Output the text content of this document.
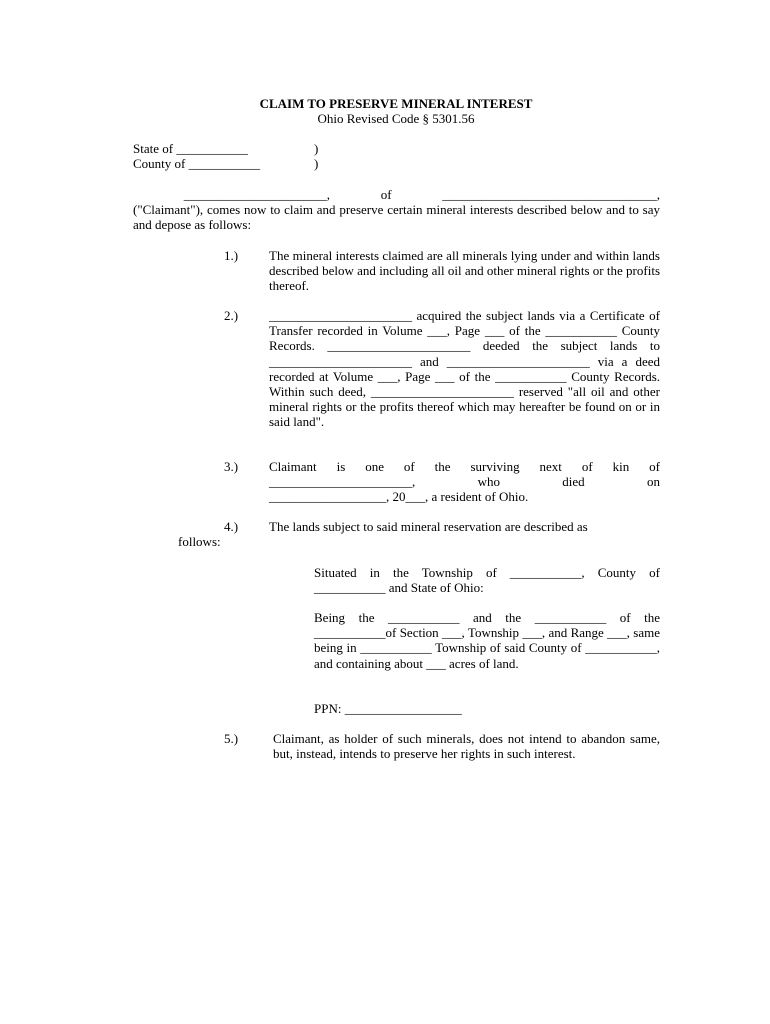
CLAIM TO PRESERVE MINERAL INTEREST
Ohio Revised Code § 5301.56
State of ___________	)
County of ___________	)
______________________,	of	_________________________________,
("Claimant"), comes now to claim and preserve certain mineral interests described below and to say and depose as follows:
1.) The mineral interests claimed are all minerals lying under and within lands described below and including all oil and other mineral rights or the profits thereof.
2.) ______________________ acquired the subject lands via a Certificate of Transfer recorded in Volume ___, Page ___ of the ___________ County Records. ______________________ deeded the subject lands to ______________________ and ______________________ via a deed recorded at Volume ___, Page ___ of the ___________ County Records. Within such deed, ______________________ reserved "all oil and other mineral rights or the profits thereof which may hereafter be found on or in said land".
3.) Claimant is one of the surviving next of kin of
______________________,	who	died	on
__________________, 20___, a resident of Ohio.
4.) The lands subject to said mineral reservation are described as
follows:
Situated in the Township of ___________, County of ___________ and State of Ohio:
Being the ___________ and the ___________ of the ___________of Section ___, Township ___, and Range ___, same being in ___________ Township of said County of ___________, and containing about ___ acres of land.
PPN: __________________
5.)	Claimant, as holder of such minerals, does not intend to abandon same, but, instead, intends to preserve her rights in such interest.
